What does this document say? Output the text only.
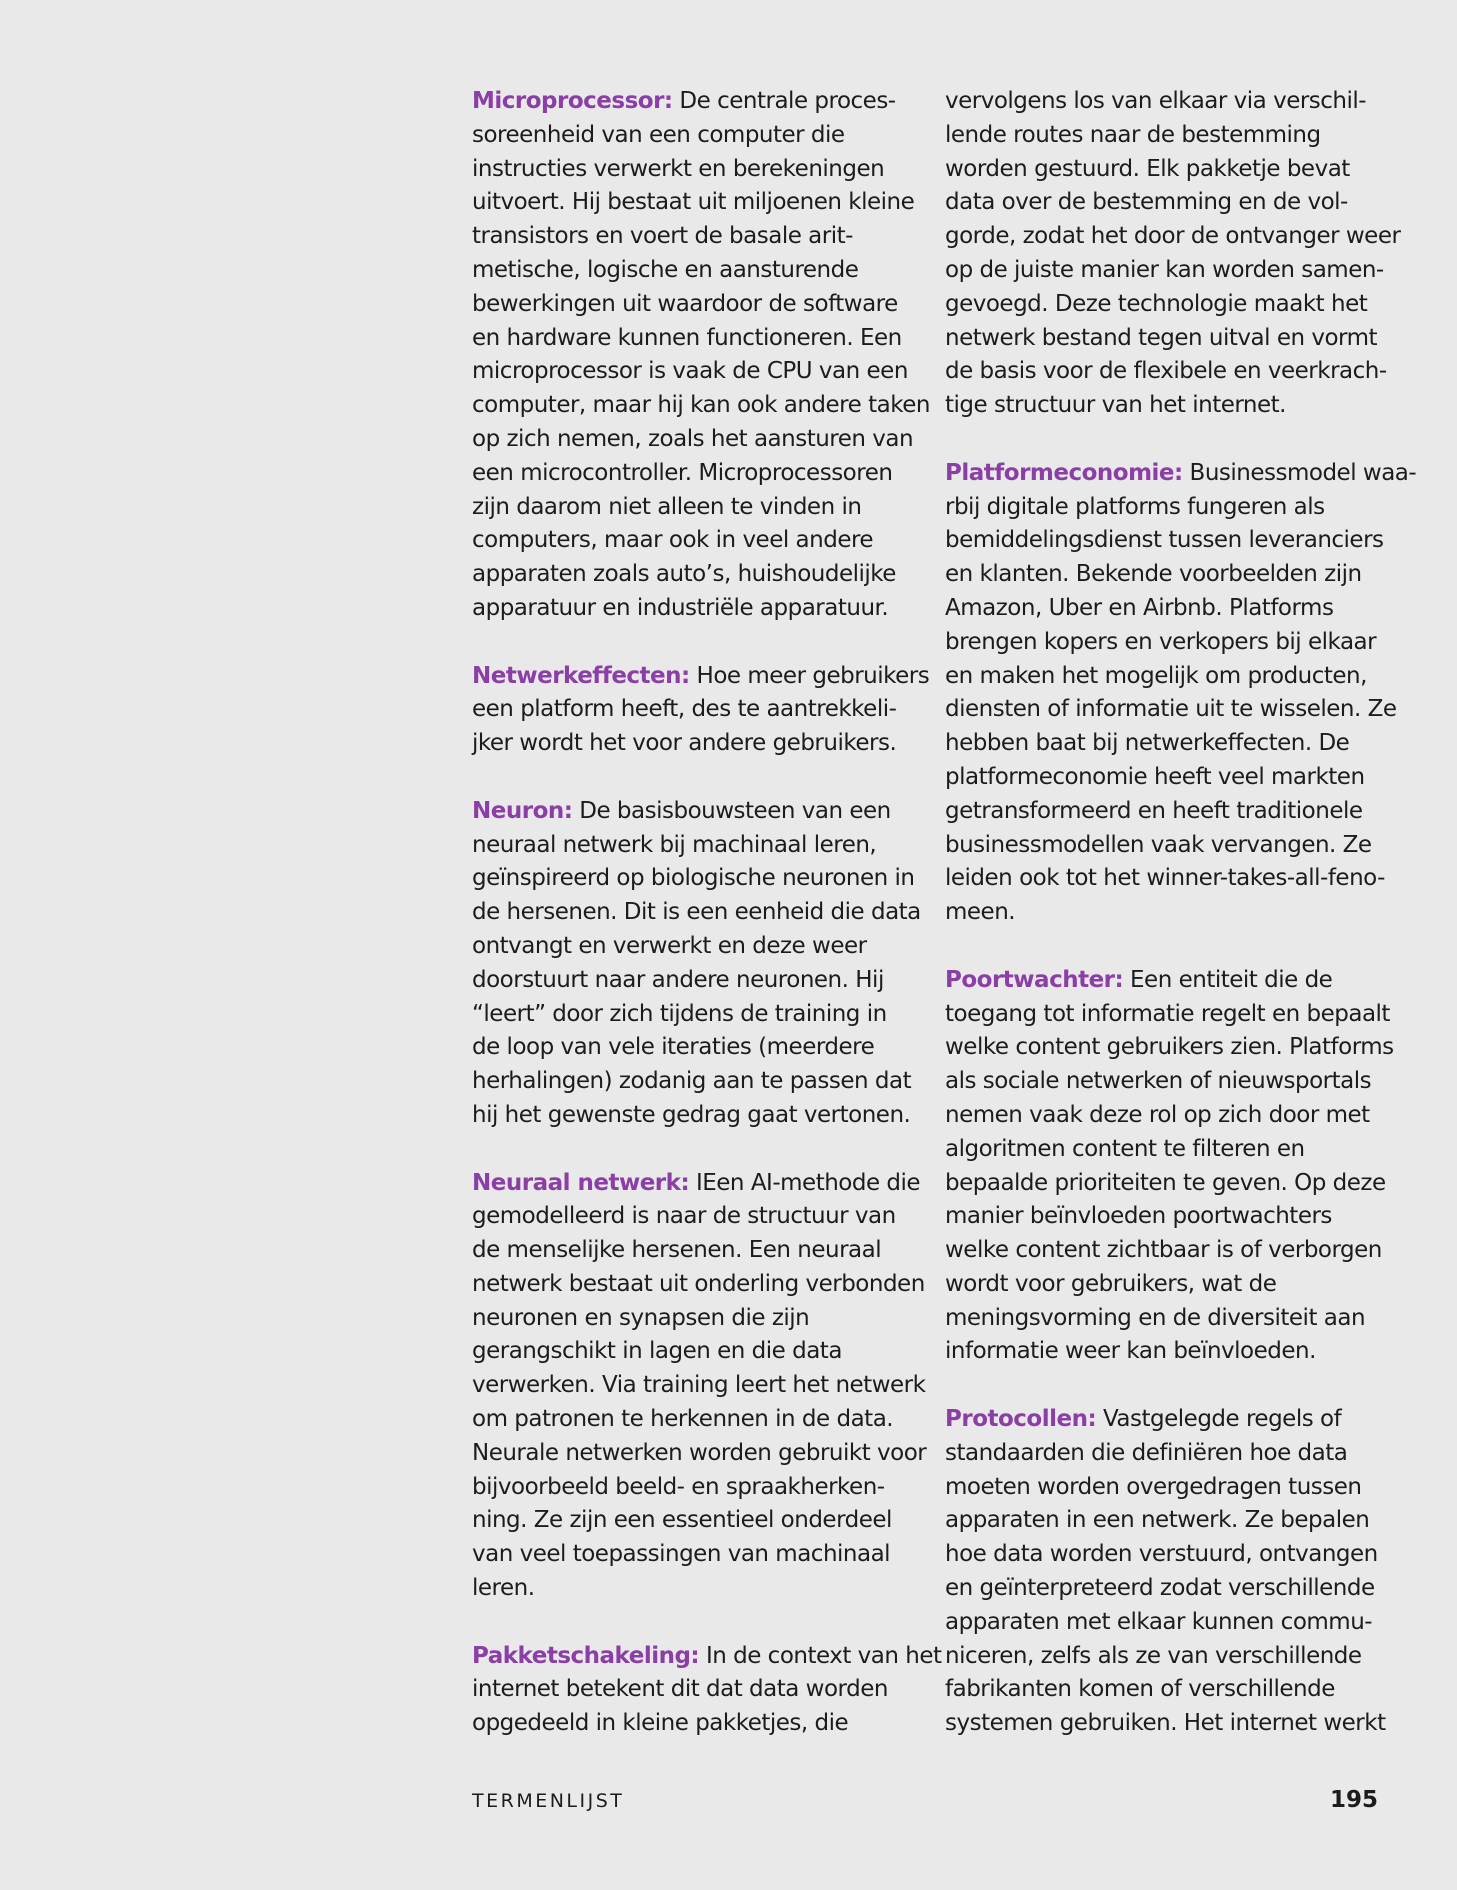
Microprocessor: De centrale proces-
soreenheid van een computer die
instructies verwerkt en berekeningen
uitvoert. Hij bestaat uit miljoenen kleine
transistors en voert de basale arit-
metische, logische en aansturende
bewerkingen uit waardoor de software
en hardware kunnen functioneren. Een
microprocessor is vaak de CPU van een
computer, maar hij kan ook andere taken
op zich nemen, zoals het aansturen van
een microcontroller. Microprocessoren
zijn daarom niet alleen te vinden in
computers, maar ook in veel andere
apparaten zoals auto’s, huishoudelijke
apparatuur en industriële apparatuur.
Netwerkeffecten: Hoe meer gebruikers
een platform heeft, des te aantrekkeli-
jker wordt het voor andere gebruikers.
Neuron: De basisbouwsteen van een
neuraal netwerk bij machinaal leren,
geïnspireerd op biologische neuronen in
de hersenen. Dit is een eenheid die data
ontvangt en verwerkt en deze weer
doorstuurt naar andere neuronen. Hij
“leert” door zich tijdens de training in
de loop van vele iteraties (meerdere
herhalingen) zodanig aan te passen dat
hij het gewenste gedrag gaat vertonen.
Neuraal netwerk: IEen AI-methode die
gemodelleerd is naar de structuur van
de menselijke hersenen. Een neuraal
netwerk bestaat uit onderling verbonden
neuronen en synapsen die zijn
gerangschikt in lagen en die data
verwerken. Via training leert het netwerk
om patronen te herkennen in de data.
Neurale netwerken worden gebruikt voor
bijvoorbeeld beeld- en spraakherken-
ning. Ze zijn een essentieel onderdeel
van veel toepassingen van machinaal
leren.
Pakketschakeling: In de context van het
internet betekent dit dat data worden
opgedeeld in kleine pakketjes, die
vervolgens los van elkaar via verschil-
lende routes naar de bestemming
worden gestuurd. Elk pakketje bevat
data over de bestemming en de vol-
gorde, zodat het door de ontvanger weer
op de juiste manier kan worden samen-
gevoegd. Deze technologie maakt het
netwerk bestand tegen uitval en vormt
de basis voor de flexibele en veerkrach-
tige structuur van het internet.
Platformeconomie: Businessmodel waa-
rbij digitale platforms fungeren als
bemiddelingsdienst tussen leveranciers
en klanten. Bekende voorbeelden zijn
Amazon, Uber en Airbnb. Platforms
brengen kopers en verkopers bij elkaar
en maken het mogelijk om producten,
diensten of informatie uit te wisselen. Ze
hebben baat bij netwerkeffecten. De
platformeconomie heeft veel markten
getransformeerd en heeft traditionele
businessmodellen vaak vervangen. Ze
leiden ook tot het winner-takes-all-feno-
meen.
Poortwachter: Een entiteit die de
toegang tot informatie regelt en bepaalt
welke content gebruikers zien. Platforms
als sociale netwerken of nieuwsportals
nemen vaak deze rol op zich door met
algoritmen content te filteren en
bepaalde prioriteiten te geven. Op deze
manier beïnvloeden poortwachters
welke content zichtbaar is of verborgen
wordt voor gebruikers, wat de
meningsvorming en de diversiteit aan
informatie weer kan beïnvloeden.
Protocollen: Vastgelegde regels of
standaarden die definiëren hoe data
moeten worden overgedragen tussen
apparaten in een netwerk. Ze bepalen
hoe data worden verstuurd, ontvangen
en geïnterpreteerd zodat verschillende
apparaten met elkaar kunnen commu-
niceren, zelfs als ze van verschillende
fabrikanten komen of verschillende
systemen gebruiken. Het internet werkt
TERMENLIJST	195
